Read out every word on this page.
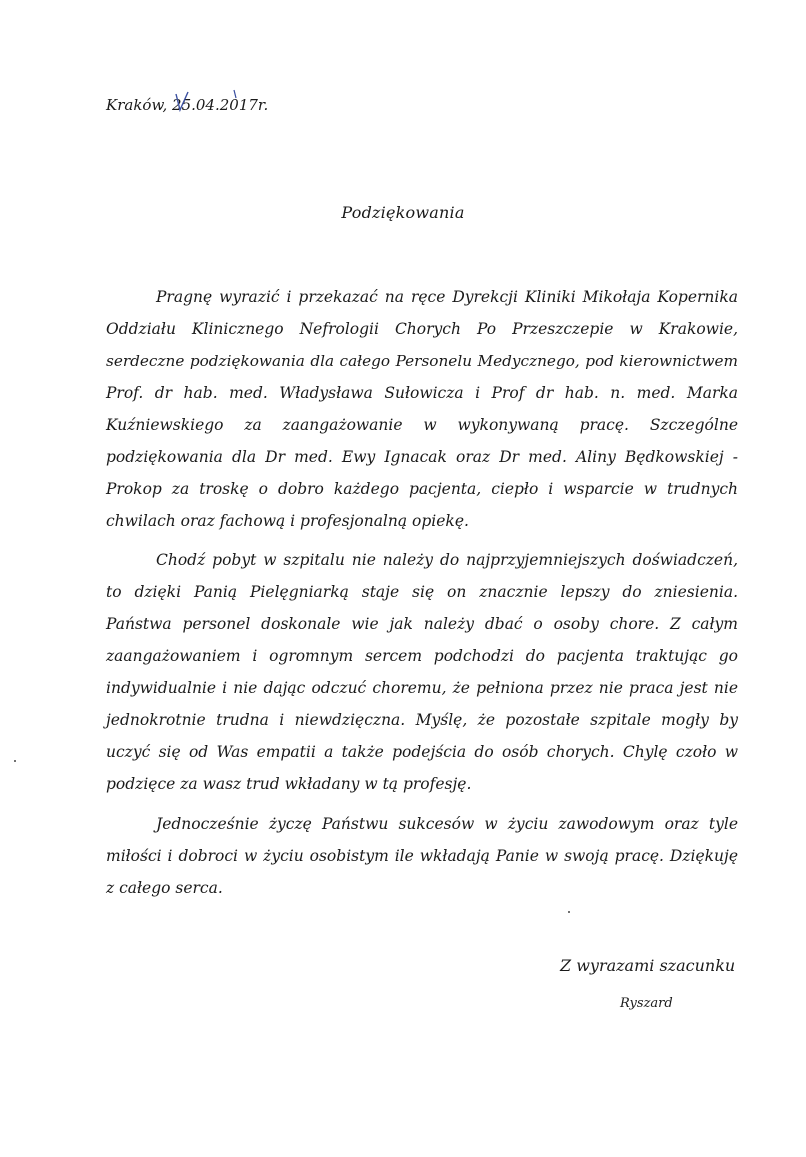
Kraków, 25.04.2017r.
Podziękowania
Pragnę wyrazić i przekazać na ręce Dyrekcji Kliniki Mikołaja Kopernika
Oddziału Klinicznego Nefrologii Chorych Po Przeszczepie w Krakowie,
serdeczne podziękowania dla całego Personelu Medycznego, pod kierownictwem
Prof. dr hab. med. Władysława Sułowicza i Prof dr hab. n. med. Marka
Kuźniewskiego za zaangażowanie w wykonywaną pracę. Szczególne
podziękowania dla Dr med. Ewy Ignacak oraz Dr med. Aliny Będkowskiej -
Prokop za troskę o dobro każdego pacjenta, ciepło i wsparcie w trudnych
chwilach oraz fachową i profesjonalną opiekę.
Chodź pobyt w szpitalu nie należy do najprzyjemniejszych doświadczeń,
to dzięki Panią Pielęgniarką staje się on znacznie lepszy do zniesienia.
Państwa personel doskonale wie jak należy dbać o osoby chore. Z całym
zaangażowaniem i ogromnym sercem podchodzi do pacjenta traktując go
indywidualnie i nie dając odczuć choremu, że pełniona przez nie praca jest nie
jednokrotnie trudna i niewdzięczna. Myślę, że pozostałe szpitale mogły by
uczyć się od Was empatii a także podejścia do osób chorych. Chylę czoło w
podzięce za wasz trud wkładany w tą profesję.
Jednocześnie życzę Państwu sukcesów w życiu zawodowym oraz tyle
miłości i dobroci w życiu osobistym ile wkładają Panie w swoją pracę. Dziękuję
z całego serca.
Z wyrazami szacunku
Ryszard
